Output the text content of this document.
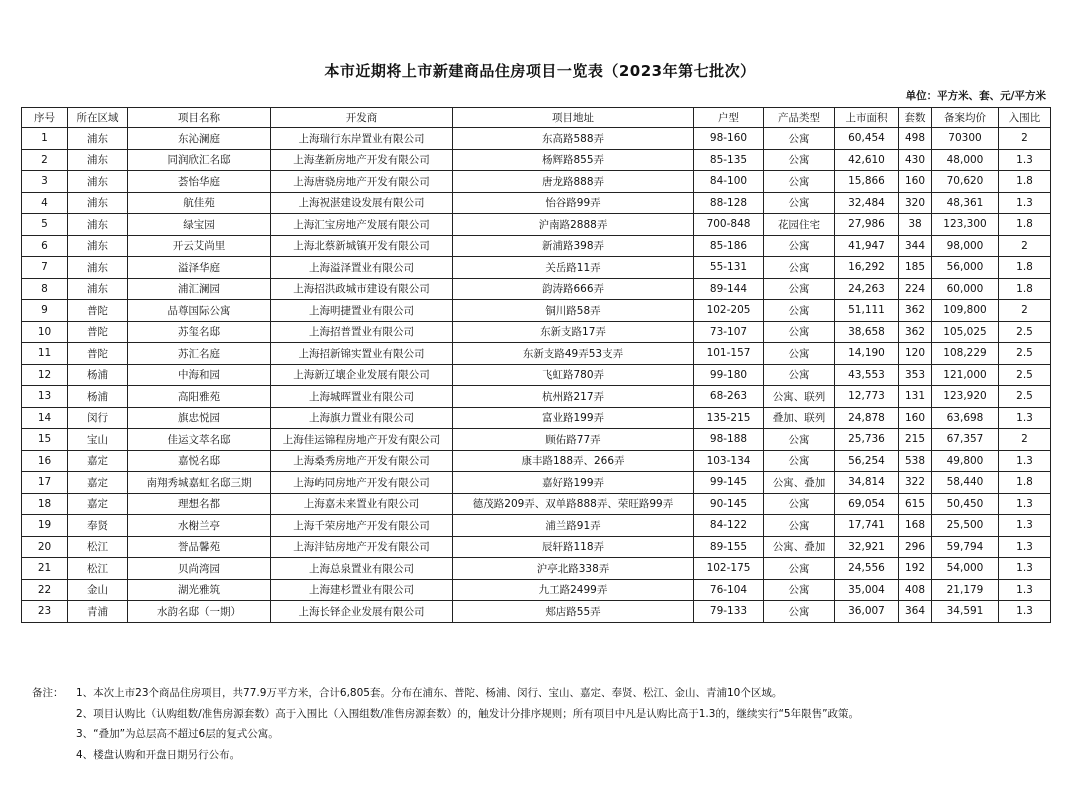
本市近期将上市新建商品住房项目一览表（2023年第七批次）
单位：平方米、套、元/平方米
序号	所在区域	项目名称	开发商	项目地址	户型	产品类型	上市面积	套数	备案均价	入围比
1	浦东	东沁澜庭	上海瑞行东岸置业有限公司	东高路588弄	98-160	公寓	60,454	498	70300	2
2	浦东	同润欣汇名邸	上海垄新房地产开发有限公司	杨辉路855弄	85-135	公寓	42,610	430	48,000	1.3
3	浦东	荟怡华庭	上海唐骁房地产开发有限公司	唐龙路888弄	84-100	公寓	15,866	160	70,620	1.8
4	浦东	航佳苑	上海祝湛建设发展有限公司	怡谷路99弄	88-128	公寓	32,484	320	48,361	1.3
5	浦东	绿宝园	上海汇宝房地产发展有限公司	沪南路2888弄	700-848	花园住宅	27,986	38	123,300	1.8
6	浦东	开云艾尚里	上海北蔡新城镇开发有限公司	新浦路398弄	85-186	公寓	41,947	344	98,000	2
7	浦东	溢泽华庭	上海溢泽置业有限公司	关岳路11弄	55-131	公寓	16,292	185	56,000	1.8
8	浦东	浦汇澜园	上海招洪政城市建设有限公司	韵涛路666弄	89-144	公寓	24,263	224	60,000	1.8
9	普陀	品尊国际公寓	上海明捷置业有限公司	铜川路58弄	102-205	公寓	51,111	362	109,800	2
10	普陀	苏玺名邸	上海招普置业有限公司	东新支路17弄	73-107	公寓	38,658	362	105,025	2.5
11	普陀	苏汇名庭	上海招新锦实置业有限公司	东新支路49弄53支弄	101-157	公寓	14,190	120	108,229	2.5
12	杨浦	中海和园	上海新辽壤企业发展有限公司	飞虹路780弄	99-180	公寓	43,553	353	121,000	2.5
13	杨浦	高阳雅苑	上海城晖置业有限公司	杭州路217弄	68-263	公寓、联列	12,773	131	123,920	2.5
14	闵行	旗忠悦园	上海旗力置业有限公司	富业路199弄	135-215	叠加、联列	24,878	160	63,698	1.3
15	宝山	佳运文萃名邸	上海佳运锦程房地产开发有限公司	顾佑路77弄	98-188	公寓	25,736	215	67,357	2
16	嘉定	嘉悦名邸	上海桑秀房地产开发有限公司	康丰路188弄、266弄	103-134	公寓	56,254	538	49,800	1.3
17	嘉定	南翔秀城嘉虹名邸三期	上海屿同房地产开发有限公司	嘉好路199弄	99-145	公寓、叠加	34,814	322	58,440	1.8
18	嘉定	理想名都	上海嘉未来置业有限公司	德茂路209弄、双单路888弄、荣旺路99弄	90-145	公寓	69,054	615	50,450	1.3
19	奉贤	水榭兰亭	上海千荣房地产开发有限公司	浦兰路91弄	84-122	公寓	17,741	168	25,500	1.3
20	松江	誉品馨苑	上海沣钴房地产开发有限公司	辰轩路118弄	89-155	公寓、叠加	32,921	296	59,794	1.3
21	松江	贝尚湾园	上海总泉置业有限公司	沪亭北路338弄	102-175	公寓	24,556	192	54,000	1.3
22	金山	湖光雅筑	上海建杉置业有限公司	九工路2499弄	76-104	公寓	35,004	408	21,179	1.3
23	青浦	水韵名邸（一期）	上海长铎企业发展有限公司	郏店路55弄	79-133	公寓	36,007	364	34,591	1.3
备注：	1、本次上市23个商品住房项目，共77.9万平方米，合计6,805套。分布在浦东、普陀、杨浦、闵行、宝山、嘉定、奉贤、松江、金山、青浦10个区域。
2、项目认购比（认购组数/准售房源套数）高于入围比（入围组数/准售房源套数）的，触发计分排序规则；所有项目中凡是认购比高于1.3的，继续实行“5年限售”政策。
3、“叠加”为总层高不超过6层的复式公寓。
4、楼盘认购和开盘日期另行公布。
